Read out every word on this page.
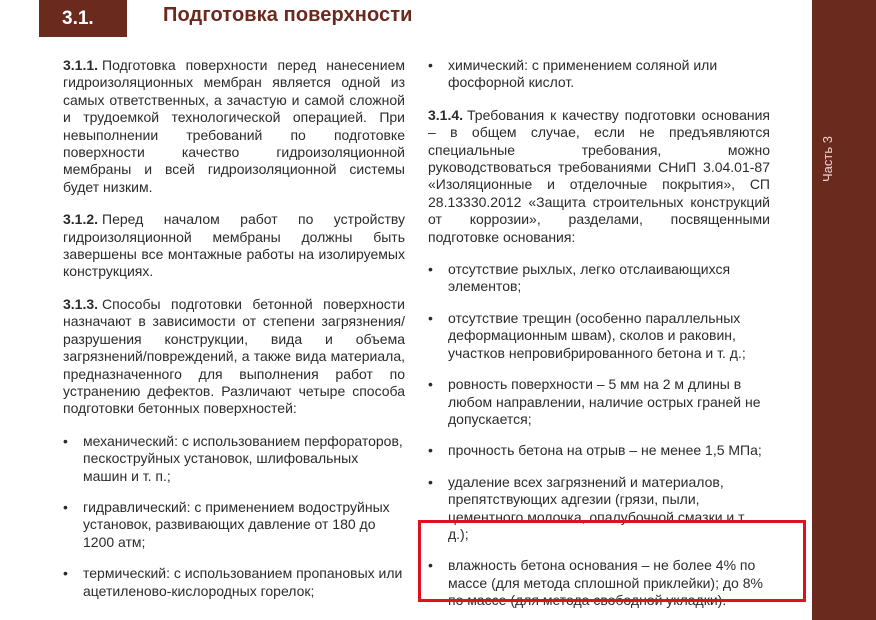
3.1.	Подготовка поверхности
Часть 3

3.1.1. Подготовка поверхности перед нанесением гидроизоляционных мембран является одной из самых ответственных, а зачастую и самой сложной и трудоемкой технологической операцией. При невыполнении требований по подготовке поверхности качество гидроизоляционной мембраны и всей гидроизоляционной системы будет низким.

3.1.2. Перед началом работ по устройству гидроизоляционной мембраны должны быть завершены все монтажные работы на изолируемых конструкциях.

3.1.3. Способы подготовки бетонной поверхности назначают в зависимости от степени загрязнения/разрушения конструкции, вида и объема загрязнений/повреждений, а также вида материала, предназначенного для выполнения работ по устранению дефектов. Различают четыре способа подготовки бетонных поверхностей:

• механический: с использованием перфораторов, пескоструйных установок, шлифовальных машин и т. п.;

• гидравлический: с применением водоструйных установок, развивающих давление от 180 до 1200 атм;

• термический: с использованием пропановых или ацетиленово-кислородных горелок;

• химический: с применением соляной или фосфорной кислот.

3.1.4. Требования к качеству подготовки основания – в общем случае, если не предъявляются специальные требования, можно руководствоваться требованиями СНиП 3.04.01-87 «Изоляционные и отделочные покрытия», СП 28.13330.2012 «Защита строительных конструкций от коррозии», разделами, посвященными подготовке основания:

• отсутствие рыхлых, легко отслаивающихся элементов;

• отсутствие трещин (особенно параллельных деформационным швам), сколов и раковин, участков непровибрированного бетона и т. д.;

• ровность поверхности – 5 мм на 2 м длины в любом направлении, наличие острых граней не допускается;

• прочность бетона на отрыв – не менее 1,5 МПа;

• удаление всех загрязнений и материалов, препятствующих адгезии (грязи, пыли, цементного молочка, опалубочной смазки и т. д.);

• влажность бетона основания – не более 4% по массе (для метода сплошной приклейки); до 8% по массе (для метода свободной укладки).
